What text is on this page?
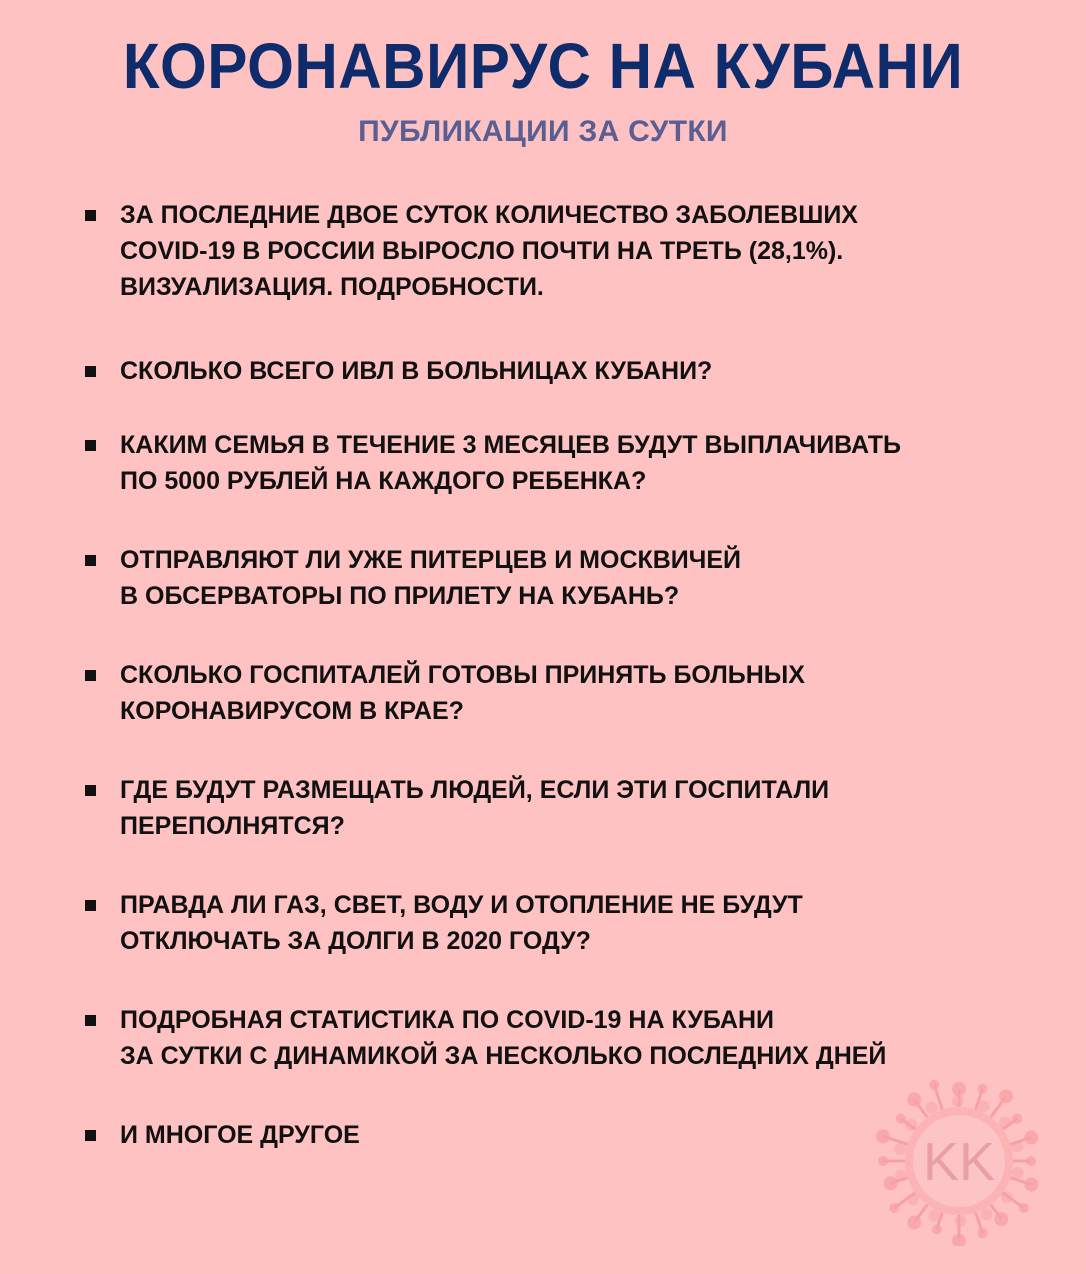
КОРОНАВИРУС НА КУБАНИ
ПУБЛИКАЦИИ ЗА СУТКИ
ЗА ПОСЛЕДНИЕ ДВОЕ СУТОК КОЛИЧЕСТВО ЗАБОЛЕВШИХ
COVID-19 В РОССИИ ВЫРОСЛО ПОЧТИ НА ТРЕТЬ (28,1%).
ВИЗУАЛИЗАЦИЯ. ПОДРОБНОСТИ.
СКОЛЬКО ВСЕГО ИВЛ В БОЛЬНИЦАХ КУБАНИ?
КАКИМ СЕМЬЯ В ТЕЧЕНИЕ 3 МЕСЯЦЕВ БУДУТ ВЫПЛАЧИВАТЬ
ПО 5000 РУБЛЕЙ НА КАЖДОГО РЕБЕНКА?
ОТПРАВЛЯЮТ ЛИ УЖЕ ПИТЕРЦЕВ И МОСКВИЧЕЙ
В ОБСЕРВАТОРЫ ПО ПРИЛЕТУ НА КУБАНЬ?
СКОЛЬКО ГОСПИТАЛЕЙ ГОТОВЫ ПРИНЯТЬ БОЛЬНЫХ
КОРОНАВИРУСОМ В КРАЕ?
ГДЕ БУДУТ РАЗМЕЩАТЬ ЛЮДЕЙ, ЕСЛИ ЭТИ ГОСПИТАЛИ
ПЕРЕПОЛНЯТСЯ?
ПРАВДА ЛИ ГАЗ, СВЕТ, ВОДУ И ОТОПЛЕНИЕ НЕ БУДУТ
ОТКЛЮЧАТЬ ЗА ДОЛГИ В 2020 ГОДУ?
ПОДРОБНАЯ СТАТИСТИКА ПО COVID-19 НА КУБАНИ
ЗА СУТКИ С ДИНАМИКОЙ ЗА НЕСКОЛЬКО ПОСЛЕДНИХ ДНЕЙ
И МНОГОЕ ДРУГОЕ	KK
